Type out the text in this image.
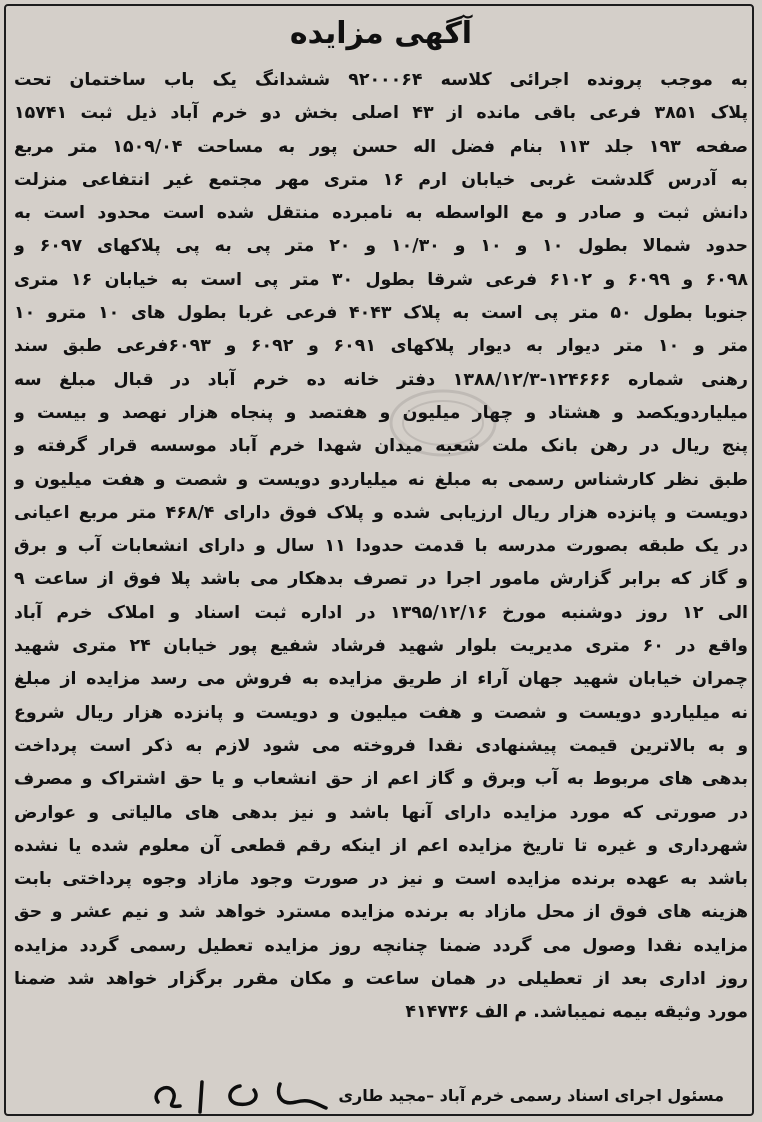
آگهی مزایده
به موجب پرونده اجرائی کلاسه ۹۲۰۰۰۶۴ ششدانگ یک باب ساختمان تحت
پلاک ۳۸۵۱ فرعی باقی مانده از ۴۳ اصلی بخش دو خرم آباد ذیل ثبت ۱۵۷۴۱
صفحه ۱۹۳ جلد ۱۱۳ بنام فضل اله حسن پور به مساحت ۱۵۰۹/۰۴ متر مربع
به آدرس گلدشت غربی خیابان ارم ۱۶ متری مهر مجتمع غیر انتفاعی منزلت
دانش ثبت و صادر و مع الواسطه به نامبرده منتقل شده است محدود است به
حدود شمالا بطول ۱۰ و ۱۰ و ۱۰/۳۰ و ۲۰ متر پی به پی پلاکهای ۶۰۹۷ و
۶۰۹۸ و ۶۰۹۹ و ۶۱۰۲ فرعی شرقا بطول ۳۰ متر پی است به خیابان ۱۶ متری
جنوبا بطول ۵۰ متر پی است به پلاک ۴۰۴۳ فرعی غربا بطول های ۱۰ مترو ۱۰
متر و ۱۰ متر دیوار به دیوار پلاکهای ۶۰۹۱ و ۶۰۹۲ و ۶۰۹۳فرعی طبق سند
رهنی شماره ۱۲۴۶۶۶-۱۳۸۸/۱۲/۳ دفتر خانه ده خرم آباد در قبال مبلغ سه
میلیاردویکصد و هشتاد و چهار میلیون و هفتصد و پنجاه هزار نهصد و بیست و
پنج ریال در رهن بانک ملت شعبه میدان شهدا خرم آباد موسسه قرار گرفته و
طبق نظر کارشناس رسمی به مبلغ نه میلیاردو دویست و شصت و هفت میلیون و
دویست و پانزده هزار ریال ارزیابی شده و پلاک فوق دارای ۴۶۸/۴ متر مربع اعیانی
در یک طبقه بصورت مدرسه با قدمت حدودا ۱۱ سال و دارای انشعابات آب و برق
و گاز که برابر گزارش مامور اجرا در تصرف بدهکار می باشد پلا فوق از ساعت ۹
الی ۱۲ روز دوشنبه مورخ ۱۳۹۵/۱۲/۱۶ در اداره ثبت اسناد و املاک خرم آباد
واقع در ۶۰ متری مدیریت بلوار شهید فرشاد شفیع پور خیابان ۲۴ متری شهید
چمران خیابان شهید جهان آراء از طریق مزایده به فروش می رسد مزایده از مبلغ
نه میلیاردو دویست و شصت و هفت میلیون و دویست و پانزده هزار ریال شروع
و به بالاترین قیمت پیشنهادی نقدا فروخته می شود لازم به ذکر است پرداخت
بدهی های مربوط به آب وبرق و گاز اعم از حق انشعاب و یا حق اشتراک و مصرف
در صورتی که مورد مزایده دارای آنها باشد و نیز بدهی های مالیاتی و عوارض
شهرداری و غیره تا تاریخ مزایده اعم از اینکه رقم قطعی آن معلوم شده یا نشده
باشد به عهده برنده مزایده است و نیز در صورت وجود مازاد وجوه پرداختی بابت
هزینه های فوق از محل مازاد به برنده مزایده مسترد خواهد شد و نیم عشر و حق
مزایده نقدا وصول می گردد ضمنا چنانچه روز مزایده تعطیل رسمی گردد مزایده
روز اداری بعد از تعطیلی در همان ساعت و مکان مقرر برگزار خواهد شد ضمنا
مورد وثیقه بیمه نمیباشد. م الف ۴۱۴۷۳۶
مسئول اجرای اسناد رسمی خرم آباد –مجید طاری
